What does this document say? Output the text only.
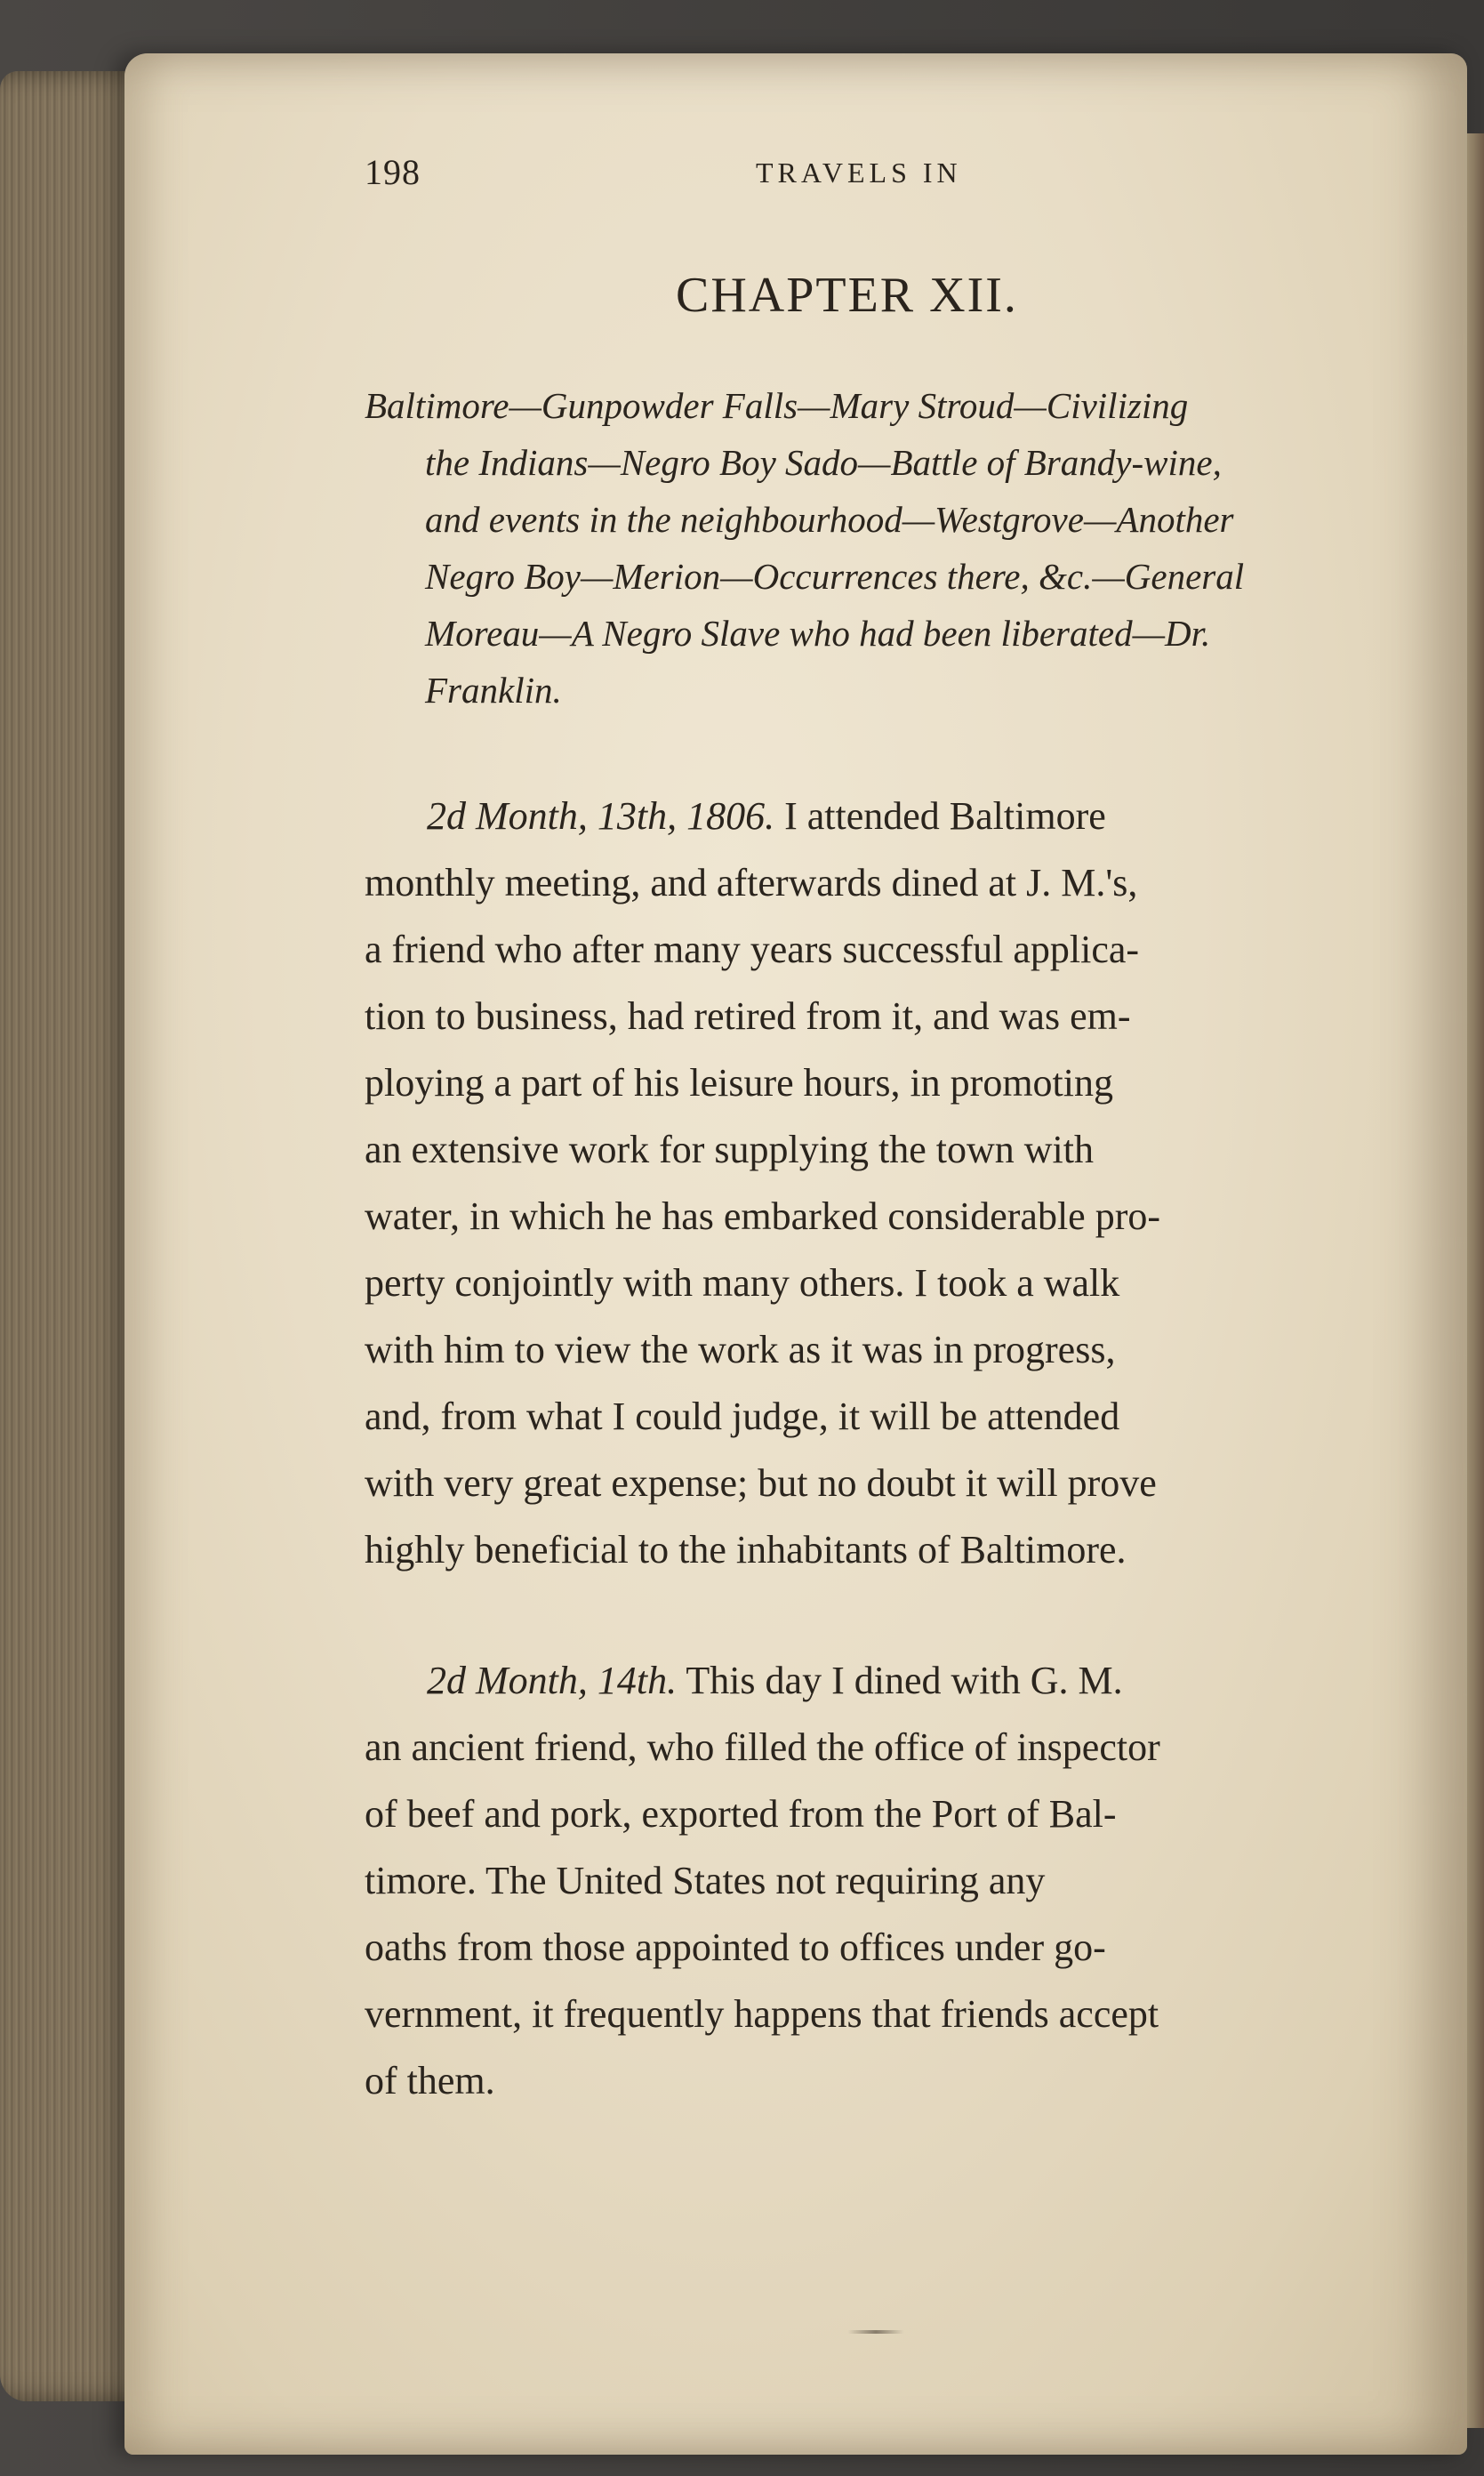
198	TRAVELS IN
CHAPTER XII.
Baltimore—Gunpowder Falls—Mary Stroud—Civilizing
the Indians—Negro Boy Sado—Battle of Brandy-wine,
and events in the neighbourhood—Westgrove—Another
Negro Boy—Merion—Occurrences there, &c.—General
Moreau—A Negro Slave who had been liberated—Dr.
Franklin.
2d Month, 13th, 1806. I attended Baltimore
monthly meeting, and afterwards dined at J. M.'s,
a friend who after many years successful applica-
tion to business, had retired from it, and was em-
ploying a part of his leisure hours, in promoting
an extensive work for supplying the town with
water, in which he has embarked considerable pro-
perty conjointly with many others. I took a walk
with him to view the work as it was in progress,
and, from what I could judge, it will be attended
with very great expense; but no doubt it will prove
highly beneficial to the inhabitants of Baltimore.
2d Month, 14th. This day I dined with G. M.
an ancient friend, who filled the office of inspector
of beef and pork, exported from the Port of Bal-
timore. The United States not requiring any
oaths from those appointed to offices under go-
vernment, it frequently happens that friends accept
of them.
